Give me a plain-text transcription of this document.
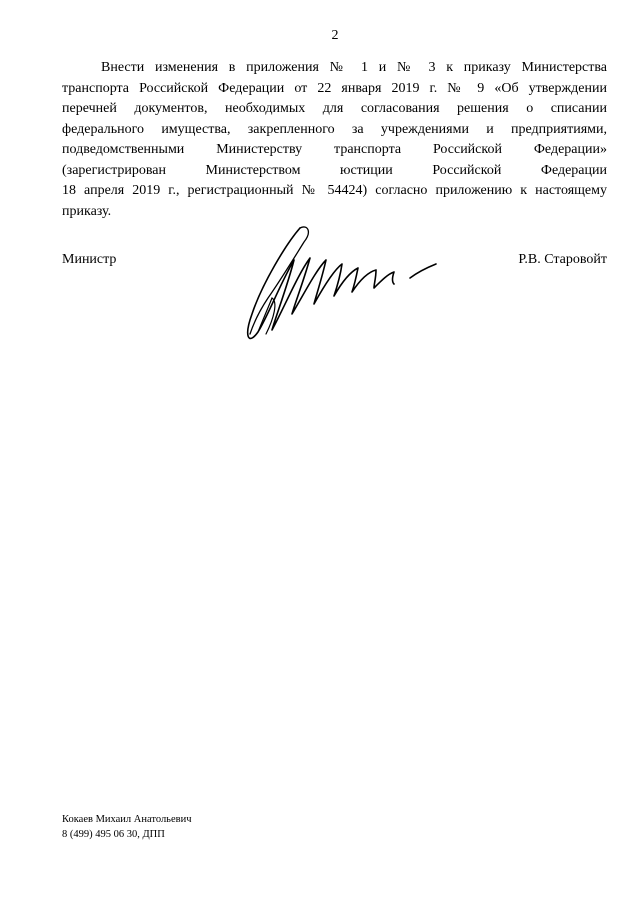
2
Внести изменения в приложения № 1 и № 3 к приказу Министерства
транспорта Российской Федерации от 22 января 2019 г. № 9 «Об утверждении
перечней документов, необходимых для согласования решения о списании
федерального имущества, закрепленного за учреждениями и предприятиями,
подведомственными Министерству транспорта Российской Федерации»
(зарегистрирован Министерством юстиции Российской Федерации
18 апреля 2019 г., регистрационный № 54424) согласно приложению к настоящему
приказу.
Министр	Р.В. Старовойт
Кокаев Михаил Анатольевич
8 (499) 495 06 30, ДПП
